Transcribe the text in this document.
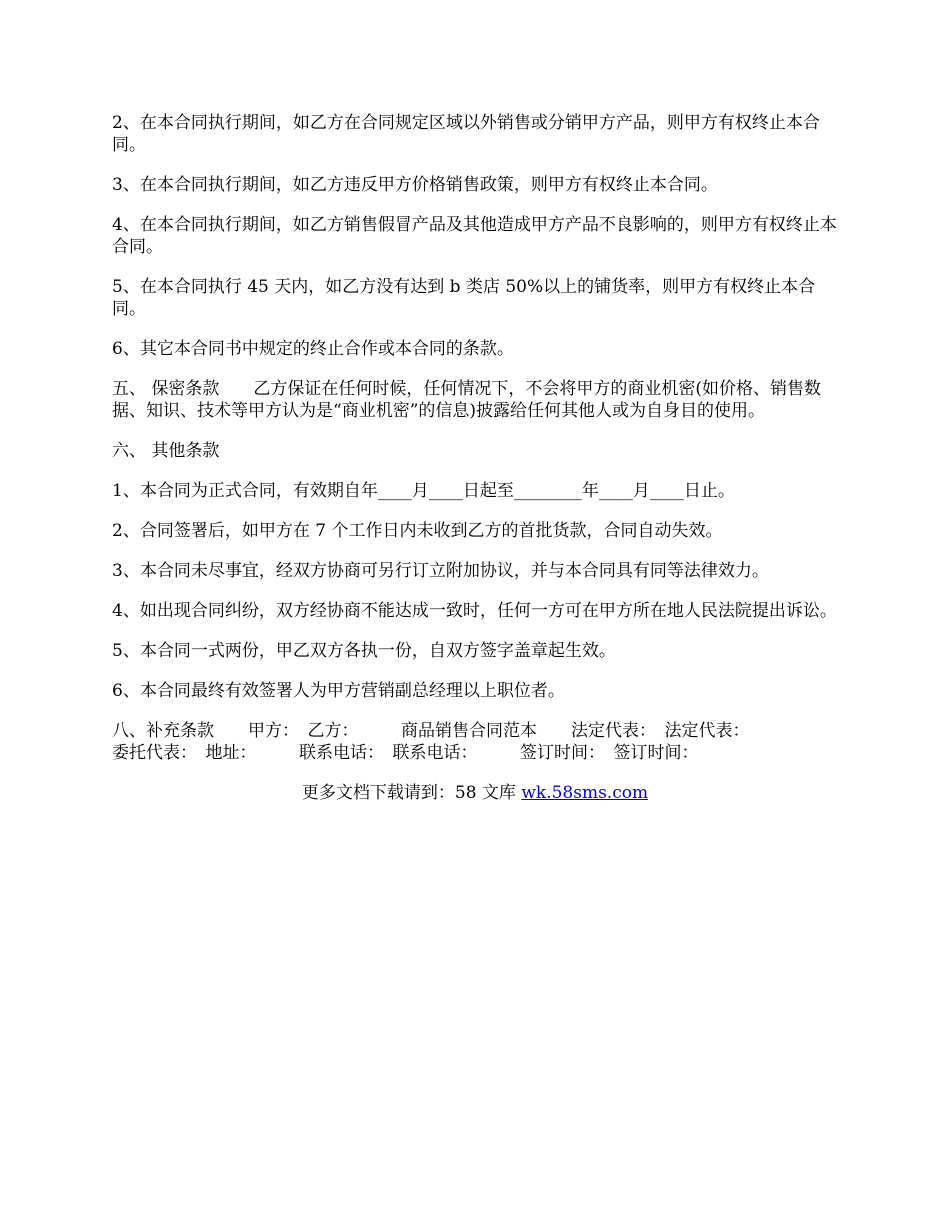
2、在本合同执行期间，如乙方在合同规定区域以外销售或分销甲方产品，则甲方有权终止本合同。

3、在本合同执行期间，如乙方违反甲方价格销售政策，则甲方有权终止本合同。

4、在本合同执行期间，如乙方销售假冒产品及其他造成甲方产品不良影响的，则甲方有权终止本合同。

5、在本合同执行 45 天内，如乙方没有达到 b 类店 50%以上的铺货率，则甲方有权终止本合同。

6、其它本合同书中规定的终止合作或本合同的条款。

五、 保密条款　　乙方保证在任何时候，任何情况下，不会将甲方的商业机密(如价格、销售数据、知识、技术等甲方认为是“商业机密”的信息)披露给任何其他人或为自身目的使用。

六、 其他条款

1、本合同为正式合同，有效期自年____月____日起至________年____月____日止。

2、合同签署后，如甲方在 7 个工作日内未收到乙方的首批货款，合同自动失效。

3、本合同未尽事宜，经双方协商可另行订立附加协议，并与本合同具有同等法律效力。

4、如出现合同纠纷，双方经协商不能达成一致时，任何一方可在甲方所在地人民法院提出诉讼。

5、本合同一式两份，甲乙双方各执一份，自双方签字盖章起生效。

6、本合同最终有效签署人为甲方营销副总经理以上职位者。

八、补充条款　　甲方：　乙方：　　　商品销售合同范本　　法定代表：　法定代表：

委托代表：　地址：　　　联系电话：　联系电话：　　　签订时间：　签订时间：

更多文档下载请到：58 文库 wk.58sms.com
